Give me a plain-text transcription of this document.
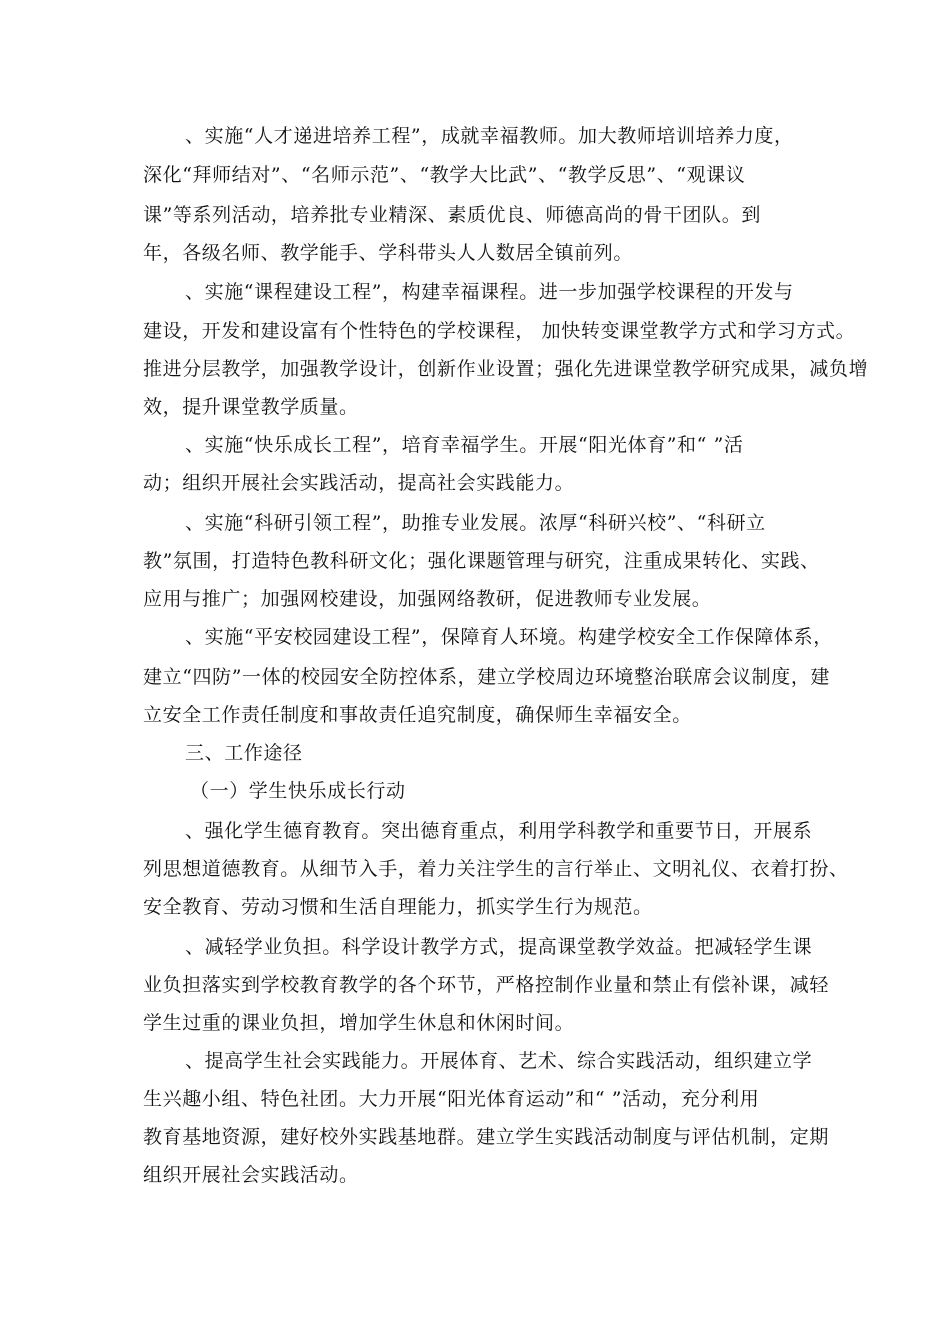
、实施“人才递进培养工程”，成就幸福教师。加大教师培训培养力度，
深化“拜师结对”、“名师示范”、“教学大比武”、“教学反思”、“观课议
课”等系列活动，培养批专业精深、素质优良、师德高尚的骨干团队。到
年，各级名师、教学能手、学科带头人人数居全镇前列。
、实施“课程建设工程”，构建幸福课程。进一步加强学校课程的开发与
建设，开发和建设富有个性特色的学校课程， 加快转变课堂教学方式和学习方式。
推进分层教学，加强教学设计，创新作业设置；强化先进课堂教学研究成果，减负增
效，提升课堂教学质量。
、实施“快乐成长工程”，培育幸福学生。开展“阳光体育”和“ ”活
动；组织开展社会实践活动，提高社会实践能力。
、实施“科研引领工程”，助推专业发展。浓厚“科研兴校”、“科研立
教”氛围，打造特色教科研文化；强化课题管理与研究，注重成果转化、实践、
应用与推广；加强网校建设，加强网络教研，促进教师专业发展。
、实施“平安校园建设工程”，保障育人环境。构建学校安全工作保障体系，
建立“四防”一体的校园安全防控体系，建立学校周边环境整治联席会议制度，建
立安全工作责任制度和事故责任追究制度，确保师生幸福安全。
三、工作途径
（一）学生快乐成长行动
、强化学生德育教育。突出德育重点，利用学科教学和重要节日，开展系
列思想道德教育。从细节入手，着力关注学生的言行举止、文明礼仪、衣着打扮、
安全教育、劳动习惯和生活自理能力，抓实学生行为规范。
、减轻学业负担。科学设计教学方式，提高课堂教学效益。把减轻学生课
业负担落实到学校教育教学的各个环节，严格控制作业量和禁止有偿补课，减轻
学生过重的课业负担，增加学生休息和休闲时间。
、提高学生社会实践能力。开展体育、艺术、综合实践活动，组织建立学
生兴趣小组、特色社团。大力开展“阳光体育运动”和“ ”活动，充分利用
教育基地资源，建好校外实践基地群。建立学生实践活动制度与评估机制，定期
组织开展社会实践活动。
